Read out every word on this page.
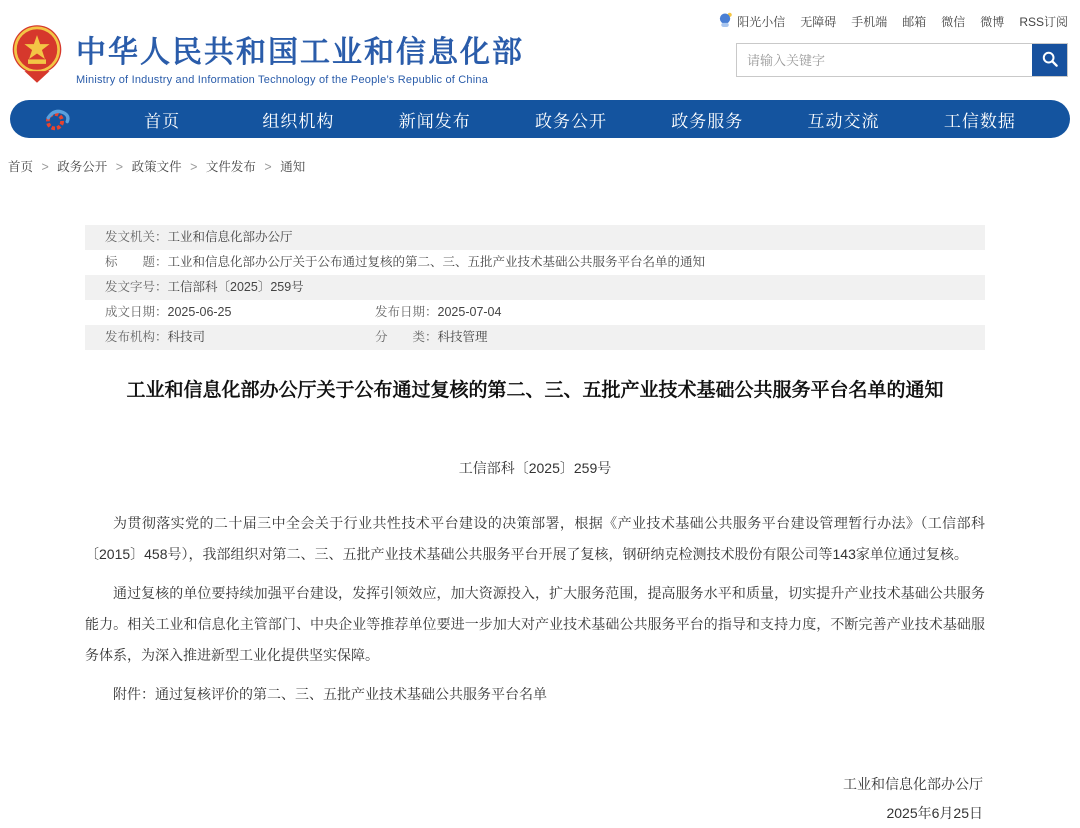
中华人民共和国工业和信息化部
Ministry of Industry and Information Technology of the People’s Republic of China
阳光小信 无障碍 手机端 邮箱 微信 微博 RSS订阅
请输入关键字
首页	组织机构	新闻发布	政务公开	政务服务	互动交流	工信数据
首页 > 政务公开 > 政策文件 > 文件发布 > 通知
发文机关： 工业和信息化部办公厅
标　　题： 工业和信息化部办公厅关于公布通过复核的第二、三、五批产业技术基础公共服务平台名单的通知
发文字号： 工信部科〔2025〕259号
成文日期： 2025-06-25	发布日期： 2025-07-04
发布机构： 科技司	分　　类： 科技管理
工业和信息化部办公厅关于公布通过复核的第二、三、五批产业技术基础公共服务平台名单的通知
工信部科〔2025〕259号

为贯彻落实党的二十届三中全会关于行业共性技术平台建设的决策部署，根据《产业技术基础公共服务平台建设管理暂行办法》（工信部科〔2015〕458号），我部组织对第二、三、五批产业技术基础公共服务平台开展了复核，钢研纳克检测技术股份有限公司等143家单位通过复核。

通过复核的单位要持续加强平台建设，发挥引领效应，加大资源投入，扩大服务范围，提高服务水平和质量，切实提升产业技术基础公共服务能力。相关工业和信息化主管部门、中央企业等推荐单位要进一步加大对产业技术基础公共服务平台的指导和支持力度，不断完善产业技术基础服务体系，为深入推进新型工业化提供坚实保障。

附件：通过复核评价的第二、三、五批产业技术基础公共服务平台名单
工业和信息化部办公厅
2025年6月25日
